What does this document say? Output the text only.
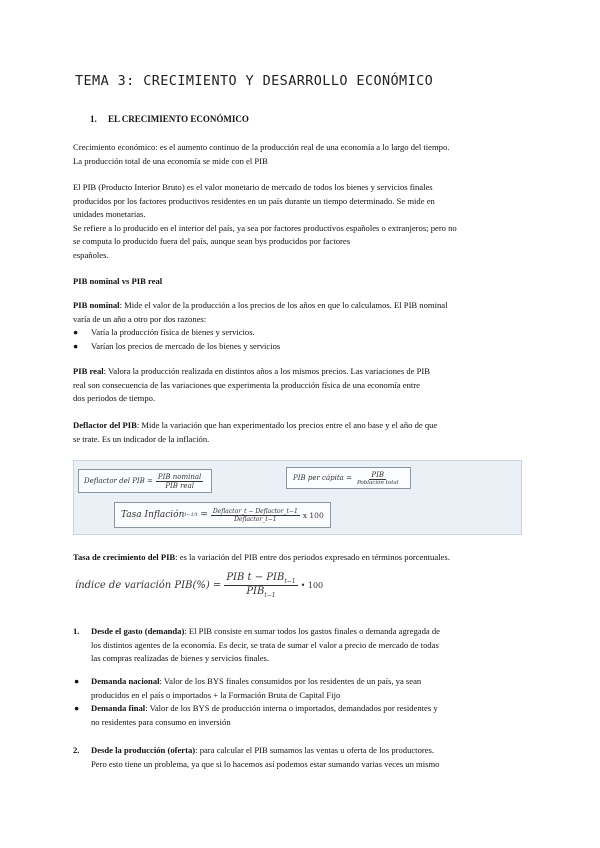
TEMA 3: CRECIMIENTO Y DESARROLLO ECONÓMICO
1. EL CRECIMIENTO ECONÓMICO
Crecimiento económico: es el aumento continuo de la producción real de una economía a lo largo del tiempo.
La producción total de una economía se mide con el PIB
El PIB (Producto Interior Bruto) es el valor monetario de mercado de todos los bienes y servicios finales
producidos por los factores productivos residentes en un país durante un tiempo determinado. Se mide en
unidades monetarias.
Se refiere a lo producido en el interior del país, ya sea por factores productivos españoles o extranjeros; pero no
se computa lo producido fuera del país, aunque sean bys producidos por factores
españoles.
PIB nominal vs PIB real
PIB nominal: Mide el valor de la producción a los precios de los años en que lo calculamos. El PIB nominal
varía de un año a otro por dos razones:
● Varía la producción física de bienes y servicios.
● Varían los precios de mercado de los bienes y servicios
PIB real: Valora la producción realizada en distintos años a los mismos precios. Las variaciones de PIB
real son consecuencia de las variaciones que experimenta la producción física de una economía entre
dos periodos de tiempo.
Deflactor del PIB: Mide la variación que han experimentado los precios entre el ano base y el año de que
se trate. Es un indicador de la inflación.
Deflactor del PIB = $\frac{\text{PIB nominal}}{\text{PIB real}}$	PIB per cápita = $\frac{\text{PIB}}{\text{Población total}}$
Tasa Inflación t−1/t
= $\frac{\text{Deflactor\_t − Deflactor\_t−1}}{\text{Deflactor\_t−1}}$ x 100
Tasa de crecimiento del PIB: es la variación del PIB entre dos periodos expresado en términos porcentuales.
índice de variación $PIB(\%) = \frac{PIB t - PIB_{t-1}}{PIB_{t-1}}$ • 100
1. Desde el gasto (demanda): El PIB consiste en sumar todos los gastos finales o demanda agregada de
los distintos agentes de la economía. Es decir, se trata de sumar el valor a precio de mercado de todas
las compras realizadas de bienes y servicios finales.
● Demanda nacional: Valor de los BYS finales consumidos por los residentes de un país, ya sean
producidos en el país o importados + la Formación Bruta de Capital Fijo
● Demanda final: Valor de los BYS de producción interna o importados, demandados por residentes y
no residentes para consumo en inversión
2. Desde la producción (oferta): para calcular el PIB sumamos las ventas u oferta de los productores.
Pero esto tiene un problema, ya que si lo hacemos así podemos estar sumando varias veces un mismo
